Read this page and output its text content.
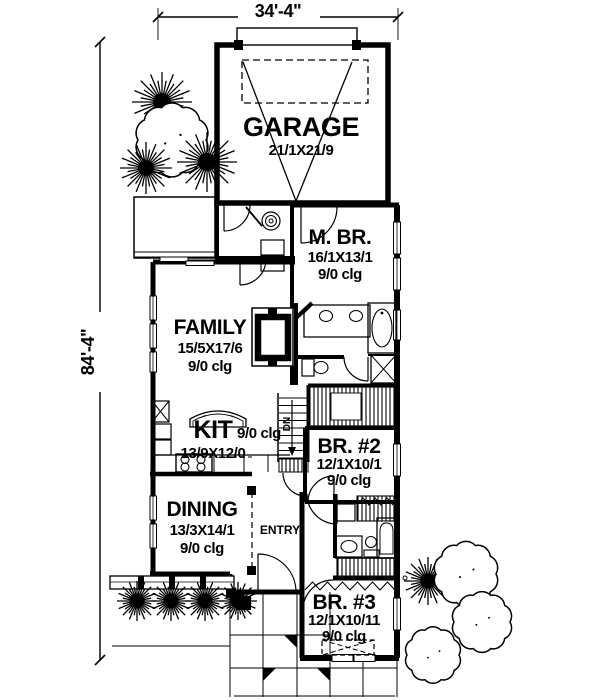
34'-4"
84'-4"
GARAGE
21/1X21/9
M. BR.
16/1X13/1
9/0 clg
FAMILY
15/5X17/6
9/0 clg
KIT 9/0 clg
13/9X12/0
DINING
13/3X14/1
9/0 clg
ENTRY
BR. #2
12/1X10/1
9/0 clg
BR. #3
12/1X10/11
9/0 clg
DN
